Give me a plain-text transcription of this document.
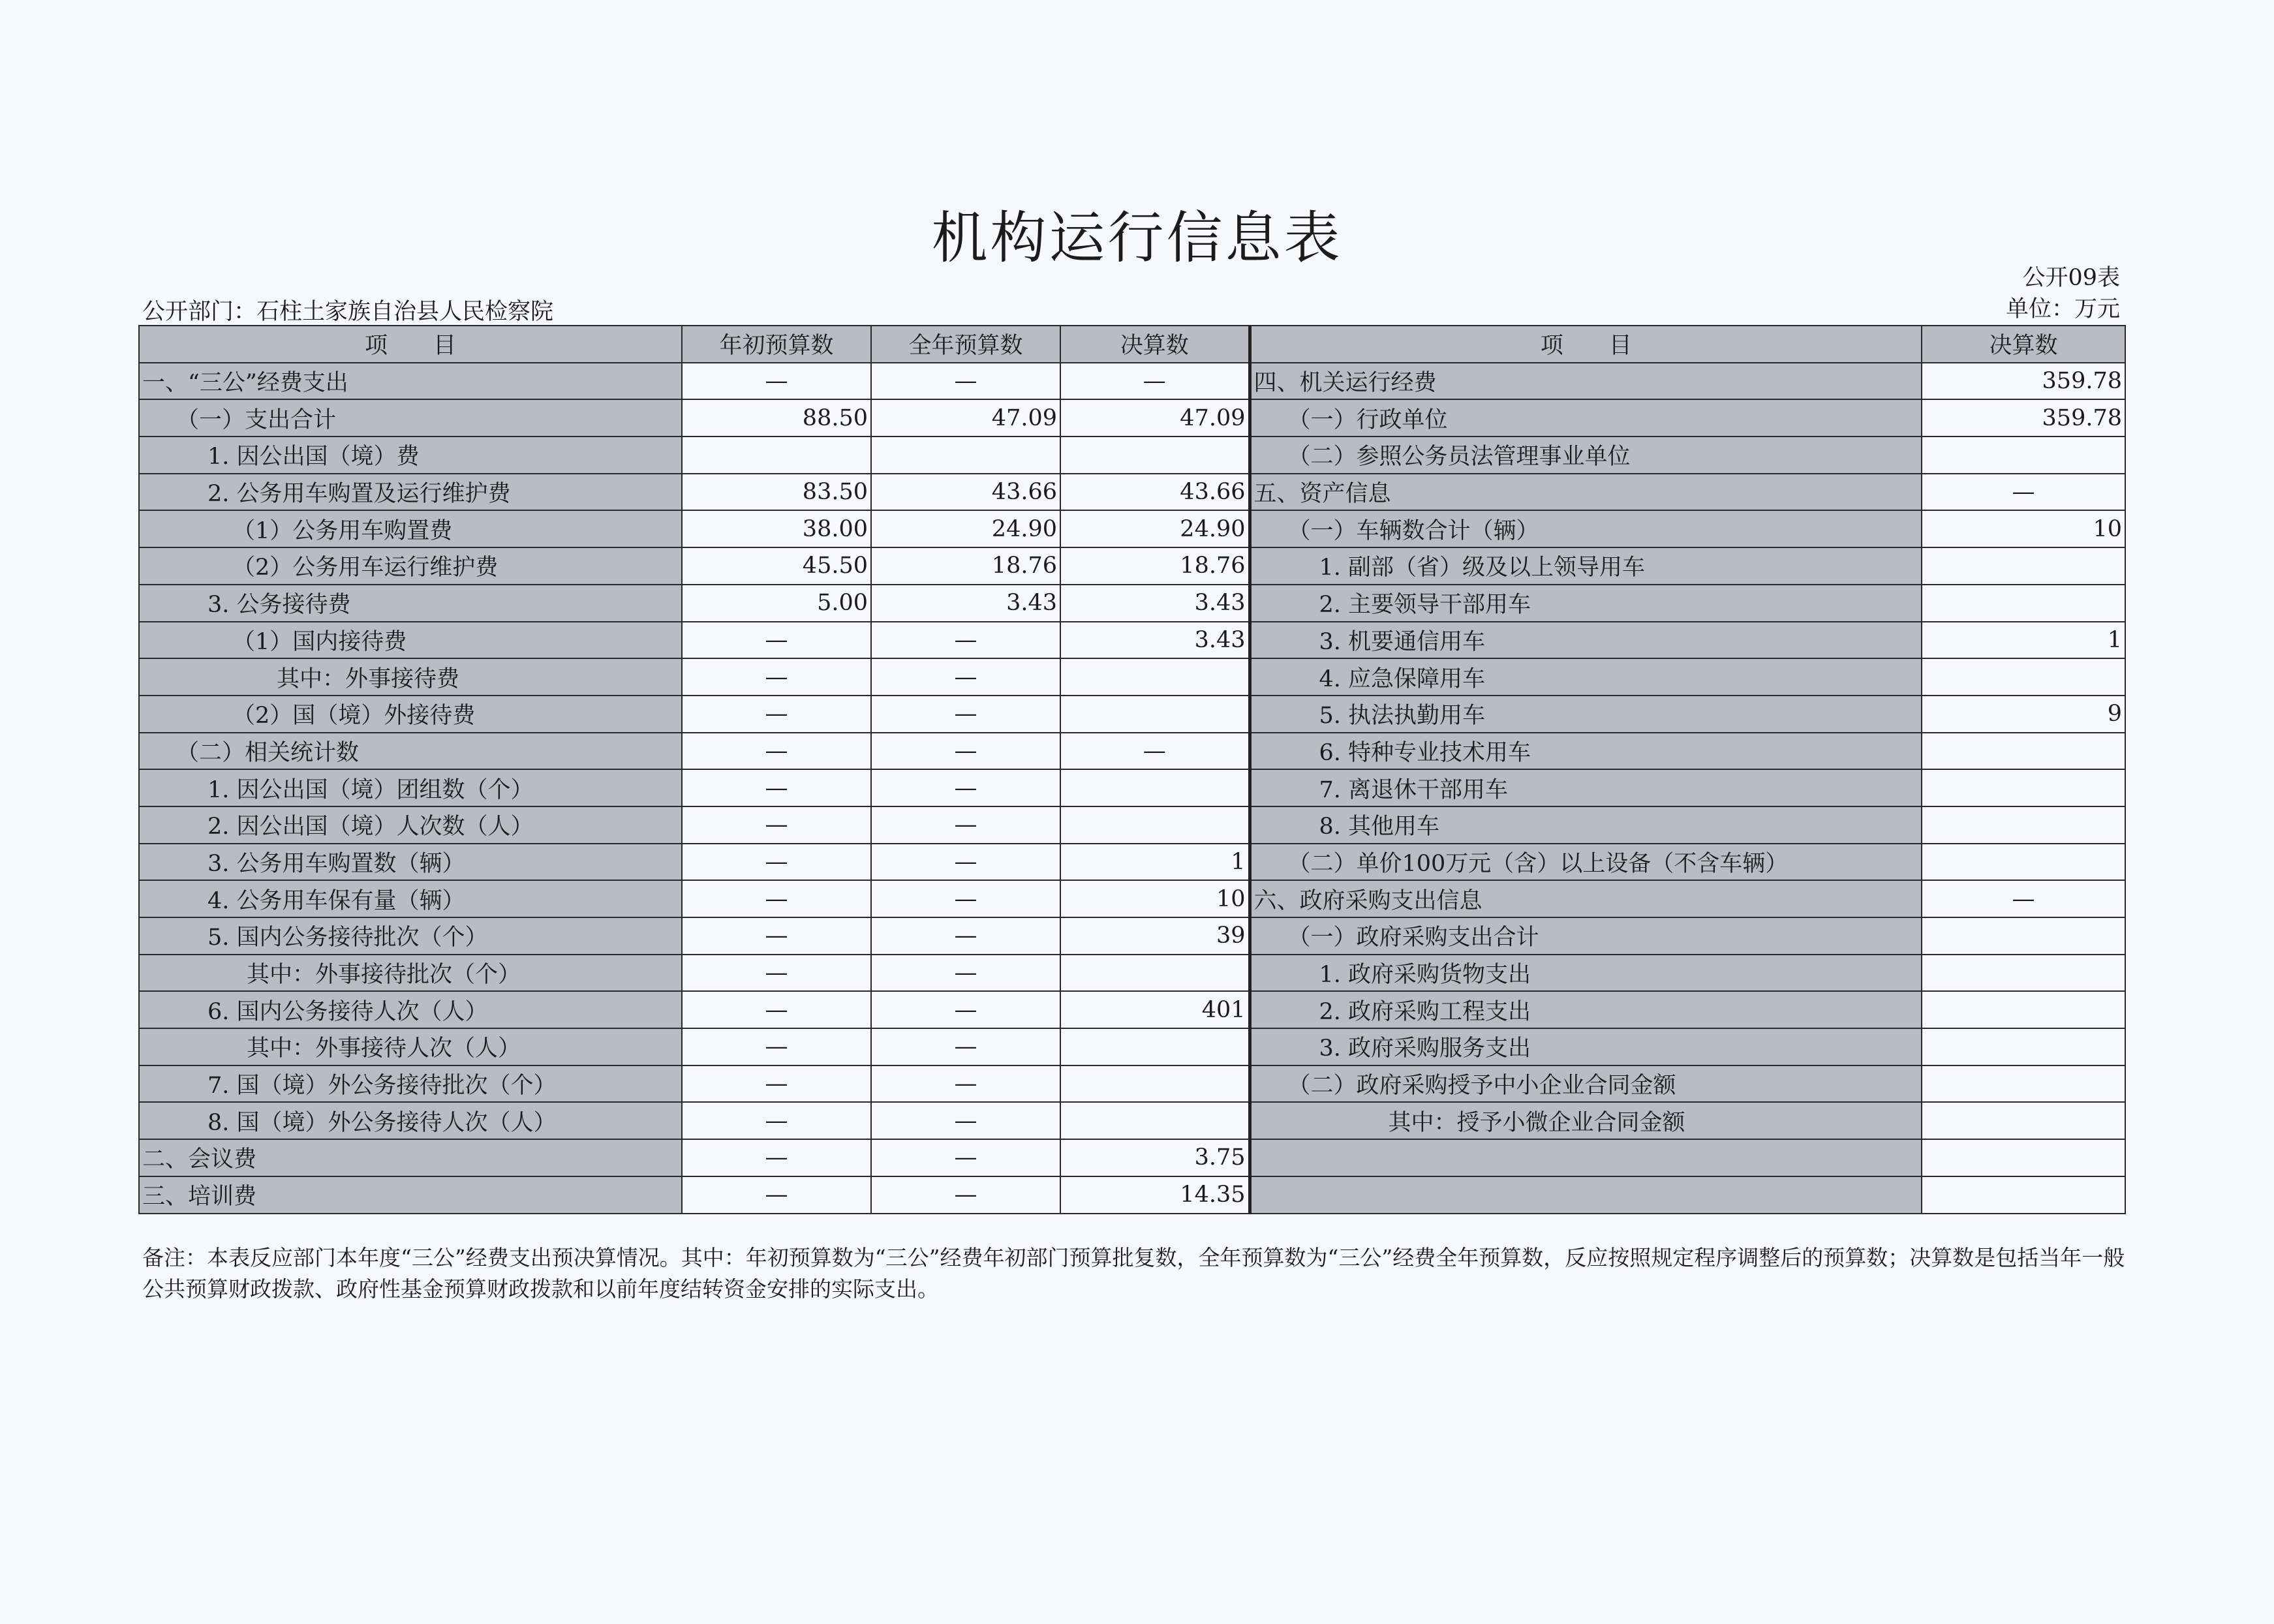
机构运行信息表
公开09表
单位：万元
公开部门：石柱土家族自治县人民检察院
项　　目	年初预算数	全年预算数	决算数	项　　目	决算数
一、“三公”经费支出	—	—	—	四、机关运行经费	359.78
（一）支出合计	88.50	47.09	47.09	（一）行政单位	359.78
1. 因公出国（境）费				（二）参照公务员法管理事业单位	
2. 公务用车购置及运行维护费	83.50	43.66	43.66	五、资产信息	—
（1）公务用车购置费	38.00	24.90	24.90	（一）车辆数合计（辆）	10
（2）公务用车运行维护费	45.50	18.76	18.76	1. 副部（省）级及以上领导用车	
3. 公务接待费	5.00	3.43	3.43	2. 主要领导干部用车	
（1）国内接待费	—	—	3.43	3. 机要通信用车	1
其中：外事接待费	—	—		4. 应急保障用车	
（2）国（境）外接待费	—	—		5. 执法执勤用车	9
（二）相关统计数	—	—	—	6. 特种专业技术用车	
1. 因公出国（境）团组数（个）	—	—		7. 离退休干部用车	
2. 因公出国（境）人次数（人）	—	—		8. 其他用车	
3. 公务用车购置数（辆）	—	—	1	（二）单价100万元（含）以上设备（不含车辆）	
4. 公务用车保有量（辆）	—	—	10	六、政府采购支出信息	—
5. 国内公务接待批次（个）	—	—	39	（一）政府采购支出合计	
其中：外事接待批次（个）	—	—		1. 政府采购货物支出	
6. 国内公务接待人次（人）	—	—	401	2. 政府采购工程支出	
其中：外事接待人次（人）	—	—		3. 政府采购服务支出	
7. 国（境）外公务接待批次（个）	—	—		（二）政府采购授予中小企业合同金额	
8. 国（境）外公务接待人次（人）	—	—		其中：授予小微企业合同金额	
二、会议费	—	—	3.75		
三、培训费	—	—	14.35		
备注：本表反应部门本年度“三公”经费支出预决算情况。其中：年初预算数为“三公”经费年初部门预算批复数，全年预算数为“三公”经费全年预算数，反应按照规定程序调整后的预算数；决算数是包括当年一般公共预算财政拨款、政府性基金预算财政拨款和以前年度结转资金安排的实际支出。
